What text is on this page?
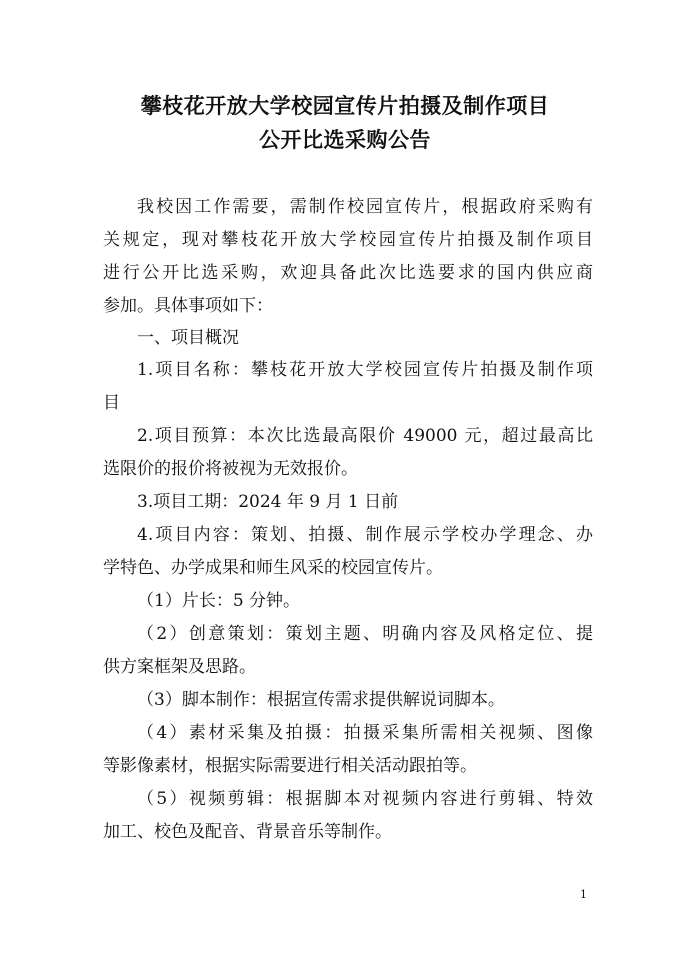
攀枝花开放大学校园宣传片拍摄及制作项目
公开比选采购公告
我校因工作需要，需制作校园宣传片，根据政府采购有
关规定，现对攀枝花开放大学校园宣传片拍摄及制作项目
进行公开比选采购，欢迎具备此次比选要求的国内供应商
参加。具体事项如下：
一、项目概况
1.项目名称：攀枝花开放大学校园宣传片拍摄及制作项
目
2.项目预算：本次比选最高限价 49000 元，超过最高比
选限价的报价将被视为无效报价。
3.项目工期：2024 年 9 月 1 日前
4.项目内容：策划、拍摄、制作展示学校办学理念、办
学特色、办学成果和师生风采的校园宣传片。
（1）片长：5 分钟。
（2）创意策划：策划主题、明确内容及风格定位、提
供方案框架及思路。
（3）脚本制作：根据宣传需求提供解说词脚本。
（4）素材采集及拍摄：拍摄采集所需相关视频、图像
等影像素材，根据实际需要进行相关活动跟拍等。
（5）视频剪辑：根据脚本对视频内容进行剪辑、特效
加工、校色及配音、背景音乐等制作。
1
